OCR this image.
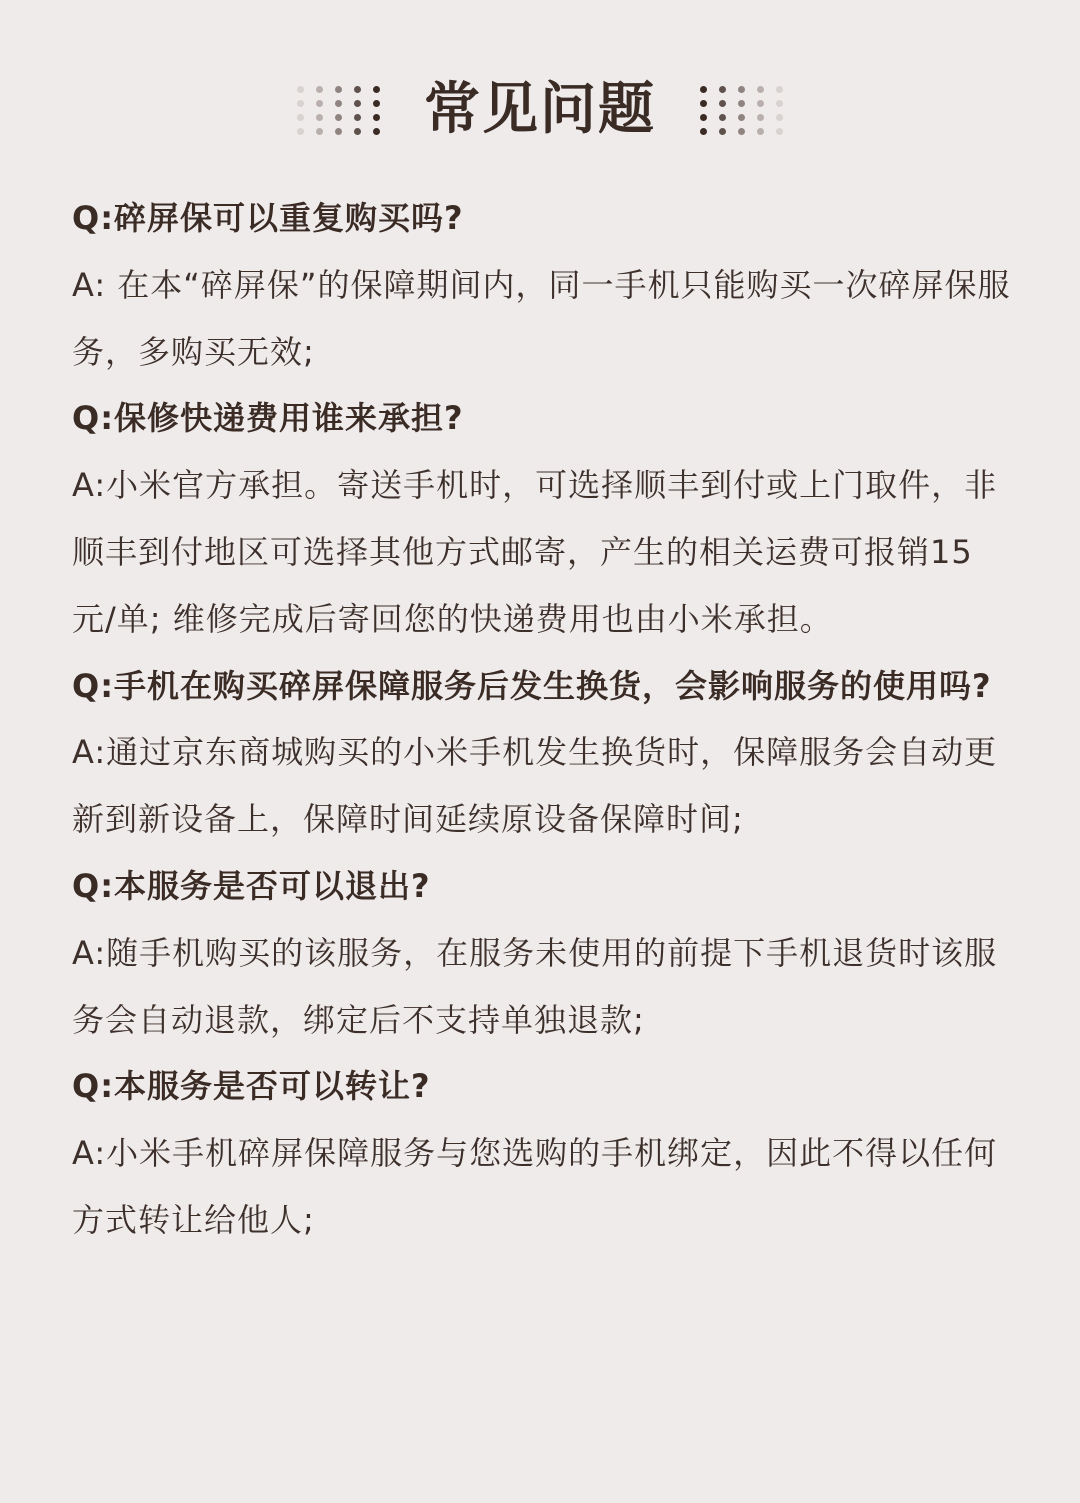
常见问题

Q:碎屏保可以重复购买吗?

A: 在本“碎屏保”的保障期间内，同一手机只能购买一次碎屏保服务，多购买无效;

Q:保修快递费用谁来承担?

A:小米官方承担。寄送手机时，可选择顺丰到付或上门取件，非顺丰到付地区可选择其他方式邮寄，产生的相关运费可报销15元/单; 维修完成后寄回您的快递费用也由小米承担。

Q:手机在购买碎屏保障服务后发生换货，会影响服务的使用吗?

A:通过京东商城购买的小米手机发生换货时，保障服务会自动更新到新设备上，保障时间延续原设备保障时间;

Q:本服务是否可以退出?

A:随手机购买的该服务，在服务未使用的前提下手机退货时该服务会自动退款，绑定后不支持单独退款;

Q:本服务是否可以转让?

A:小米手机碎屏保障服务与您选购的手机绑定，因此不得以任何方式转让给他人;
